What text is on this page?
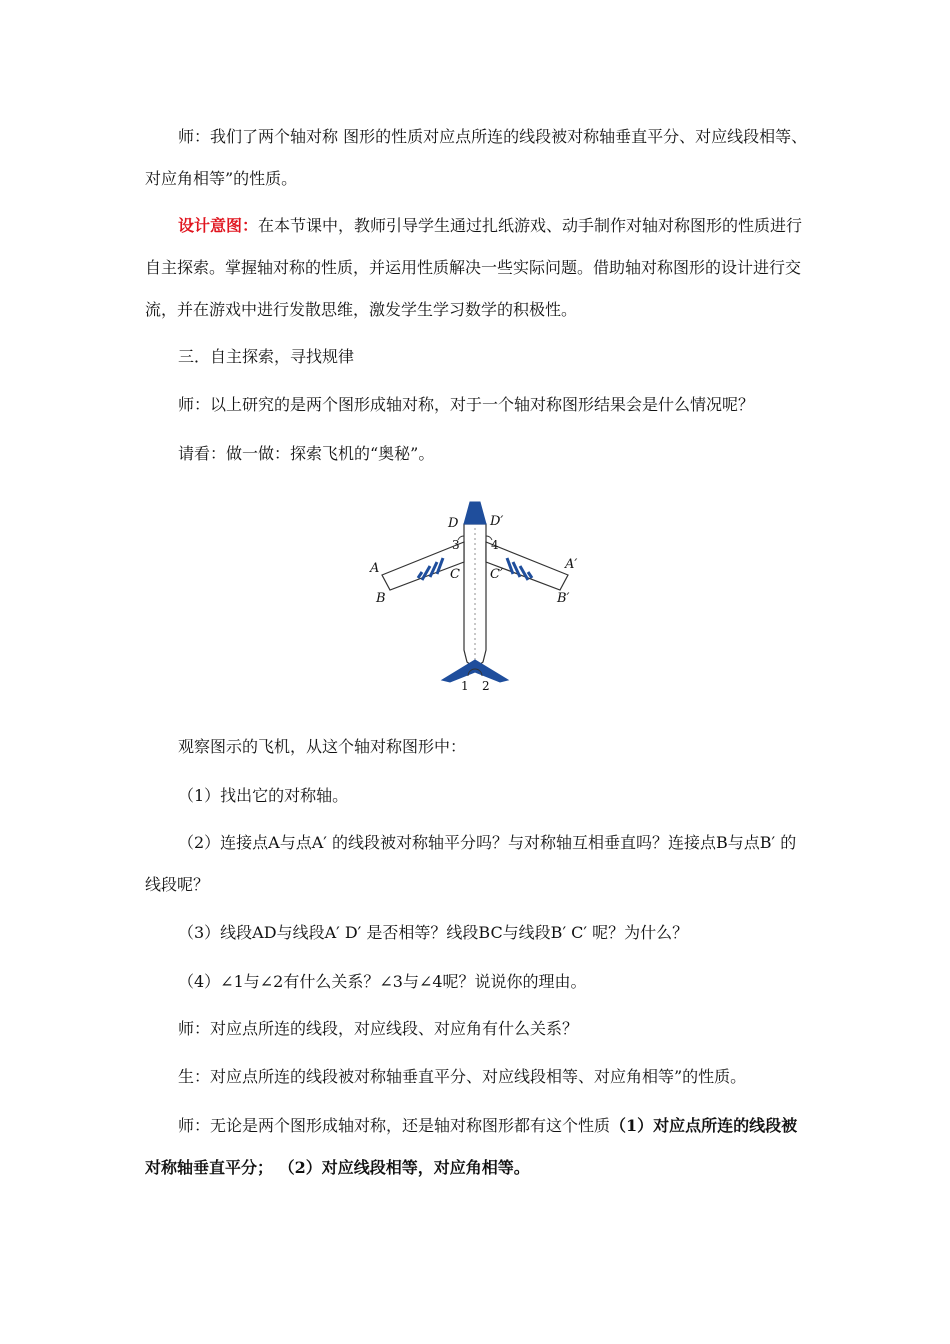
师：我们了两个轴对称 图形的性质对应点所连的线段被对称轴垂直平分、对应线段相等、对应角相等”的性质。

设计意图：在本节课中，教师引导学生通过扎纸游戏、动手制作对轴对称图形的性质进行自主探索。掌握轴对称的性质，并运用性质解决一些实际问题。借助轴对称图形的设计进行交流，并在游戏中进行发散思维，激发学生学习数学的积极性。

三．自主探索，寻找规律

师：以上研究的是两个图形成轴对称，对于一个轴对称图形结果会是什么情况呢？

请看：做一做：探索飞机的“奥秘”。

D D′
3	4
A	A′
C C′
B	B′
1 2

观察图示的飞机，从这个轴对称图形中：

（1）找出它的对称轴。

（2）连接点A与点A′ 的线段被对称轴平分吗？与对称轴互相垂直吗？连接点B与点B′ 的线段呢？

（3）线段AD与线段A′ D′ 是否相等？线段BC与线段B′ C′ 呢？为什么？

（4）∠1与∠2有什么关系？∠3与∠4呢？说说你的理由。

师：对应点所连的线段，对应线段、对应角有什么关系？

生：对应点所连的线段被对称轴垂直平分、对应线段相等、对应角相等”的性质。

师：无论是两个图形成轴对称，还是轴对称图形都有这个性质（1）对应点所连的线段被对称轴垂直平分； （2）对应线段相等，对应角相等。
